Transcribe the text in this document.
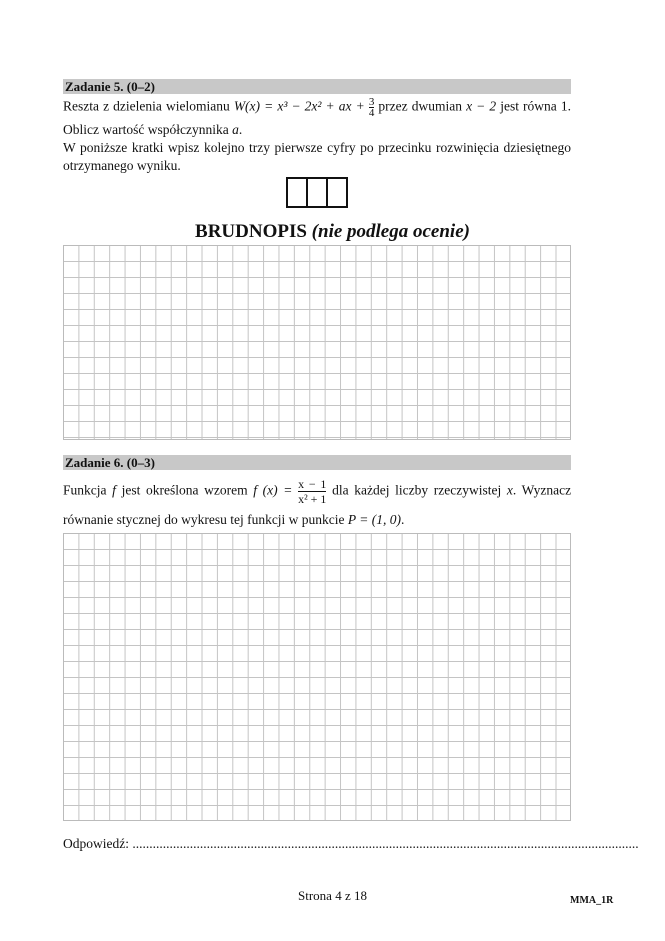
Zadanie 5. (0–2)
Reszta z dzielenia wielomianu W(x) = x³ − 2x² + ax + $\frac{3}{4}$ przez dwumian x − 2 jest równa 1.
Oblicz wartość współczynnika a.
W poniższe kratki wpisz kolejno trzy pierwsze cyfry po przecinku rozwinięcia dziesiętnego
otrzymanego wyniku.
BRUDNOPIS (nie podlega ocenie)
Zadanie 6. (0–3)
Funkcja f jest określona wzorem f $(x) = \frac{x - 1}{\text{x² + 1}}$ dla każdej liczby rzeczywistej x. Wyznacz
równanie stycznej do wykresu tej funkcji w punkcie P = (1, 0).
Odpowiedź: ......................................................................................................................................................
Strona 4 z 18	MMA_1R
